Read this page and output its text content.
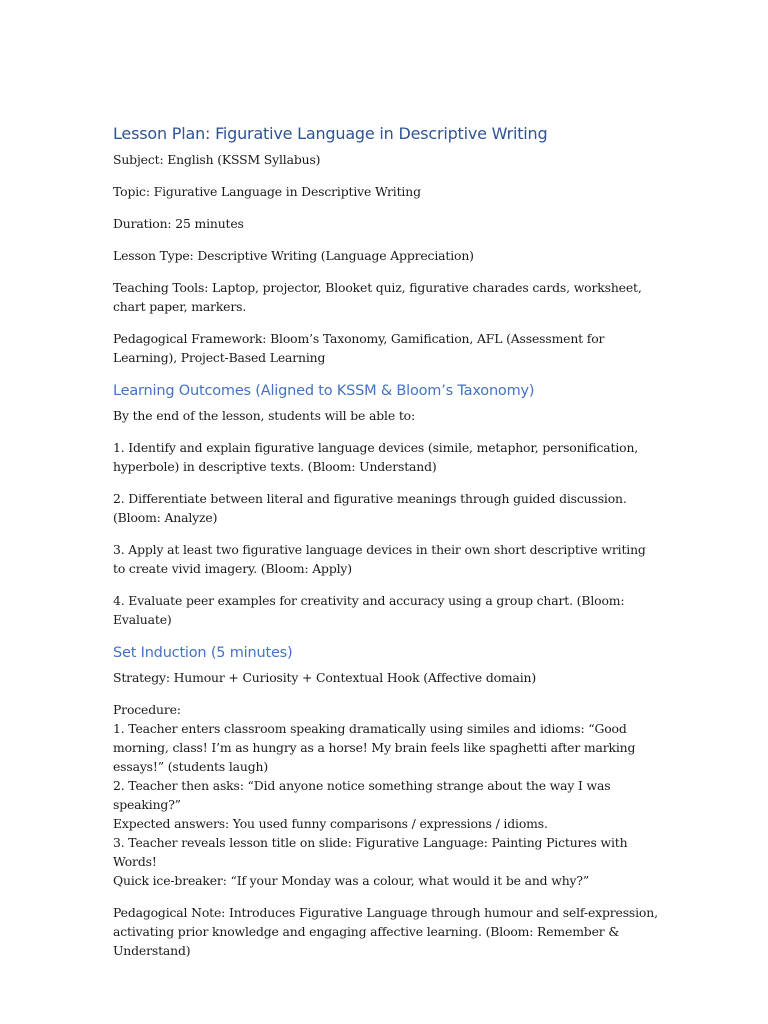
Lesson Plan: Figurative Language in Descriptive Writing

Subject: English (KSSM Syllabus)

Topic: Figurative Language in Descriptive Writing

Duration: 25 minutes

Lesson Type: Descriptive Writing (Language Appreciation)

Teaching Tools: Laptop, projector, Blooket quiz, figurative charades cards, worksheet, chart paper, markers.

Pedagogical Framework: Bloom’s Taxonomy, Gamification, AFL (Assessment for Learning), Project-Based Learning

Learning Outcomes (Aligned to KSSM & Bloom’s Taxonomy)

By the end of the lesson, students will be able to:

1. Identify and explain figurative language devices (simile, metaphor, personification, hyperbole) in descriptive texts. (Bloom: Understand)

2. Differentiate between literal and figurative meanings through guided discussion. (Bloom: Analyze)

3. Apply at least two figurative language devices in their own short descriptive writing to create vivid imagery. (Bloom: Apply)

4. Evaluate peer examples for creativity and accuracy using a group chart. (Bloom: Evaluate)

Set Induction (5 minutes)

Strategy: Humour + Curiosity + Contextual Hook (Affective domain)

Procedure:
1. Teacher enters classroom speaking dramatically using similes and idioms: “Good morning, class! I’m as hungry as a horse! My brain feels like spaghetti after marking essays!” (students laugh)
2. Teacher then asks: “Did anyone notice something strange about the way I was speaking?”
Expected answers: You used funny comparisons / expressions / idioms.
3. Teacher reveals lesson title on slide: Figurative Language: Painting Pictures with Words!
Quick ice-breaker: “If your Monday was a colour, what would it be and why?”

Pedagogical Note: Introduces Figurative Language through humour and self-expression, activating prior knowledge and engaging affective learning. (Bloom: Remember & Understand)
